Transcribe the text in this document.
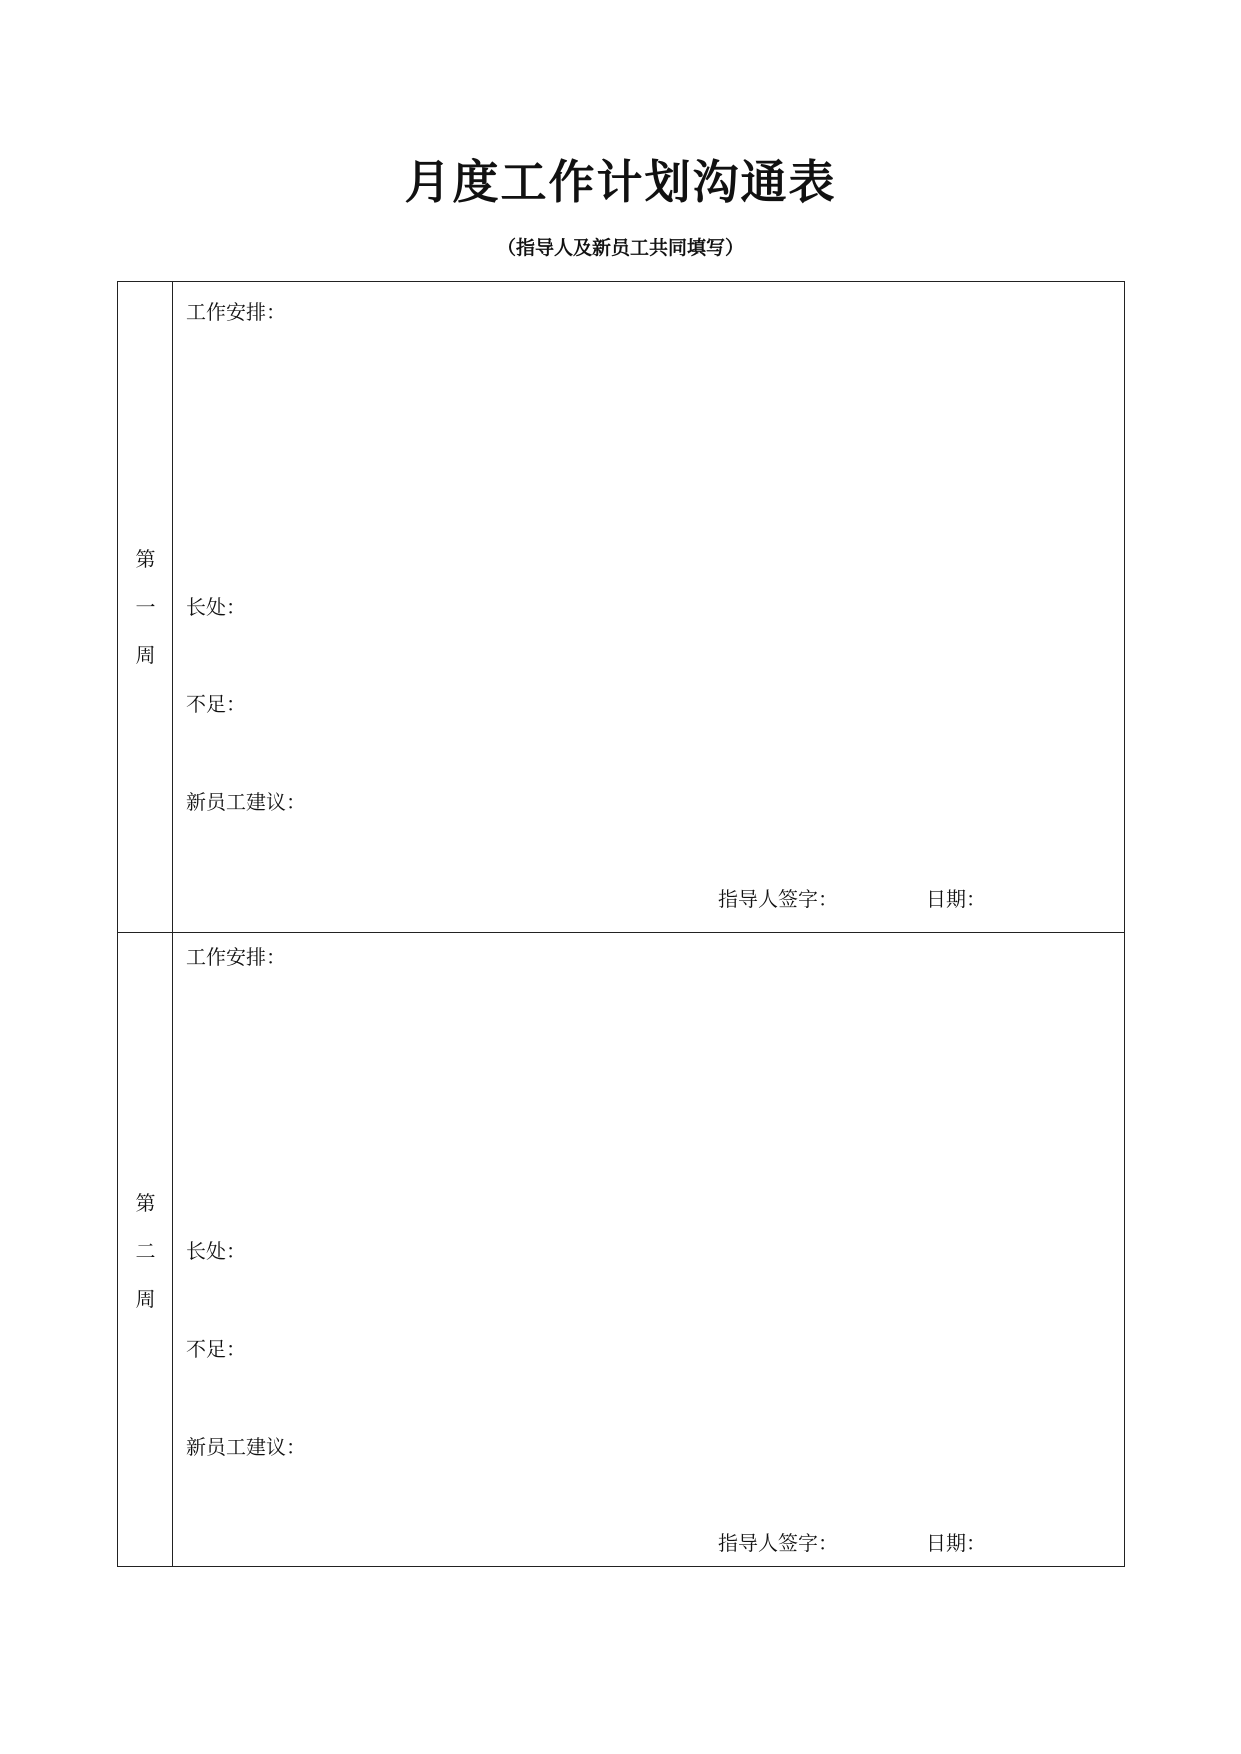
月度工作计划沟通表
（指导人及新员工共同填写）
第
一
周
工作安排：
长处：
不足：
新员工建议：
指导人签字：	日期：
第
二
周
工作安排：
长处：
不足：
新员工建议：
指导人签字：	日期：
